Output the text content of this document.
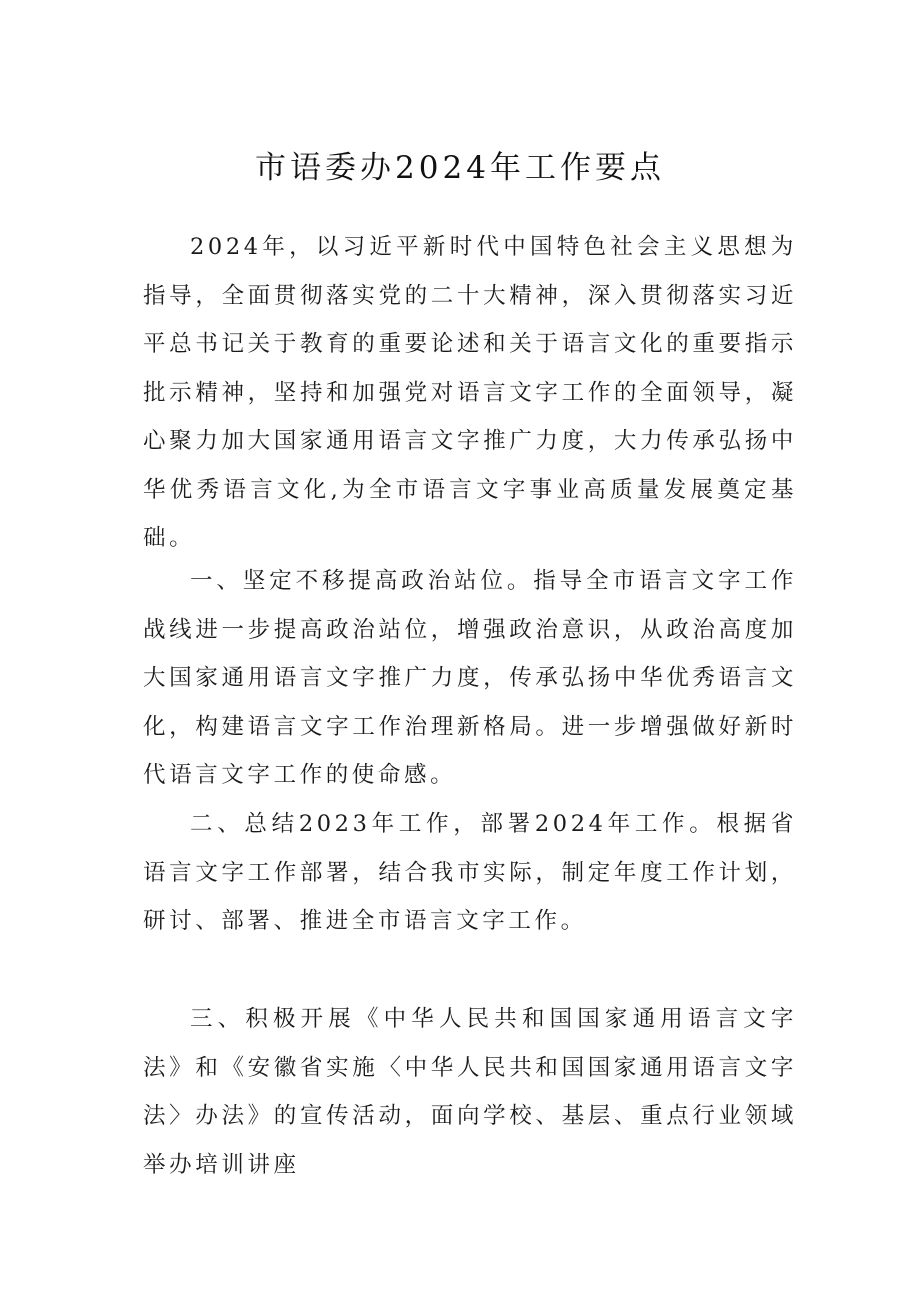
市语委办2024年工作要点

2024年，以习近平新时代中国特色社会主义思想为指导，全面贯彻落实党的二十大精神，深入贯彻落实习近平总书记关于教育的重要论述和关于语言文化的重要指示批示精神，坚持和加强党对语言文字工作的全面领导，凝心聚力加大国家通用语言文字推广力度，大力传承弘扬中华优秀语言文化,为全市语言文字事业高质量发展奠定基础。

一、坚定不移提高政治站位。指导全市语言文字工作战线进一步提高政治站位，增强政治意识，从政治高度加大国家通用语言文字推广力度，传承弘扬中华优秀语言文化，构建语言文字工作治理新格局。进一步增强做好新时代语言文字工作的使命感。

二、总结2023年工作，部署2024年工作。根据省语言文字工作部署，结合我市实际，制定年度工作计划，研讨、部署、推进全市语言文字工作。

三、积极开展《中华人民共和国国家通用语言文字法》和《安徽省实施〈中华人民共和国国家通用语言文字法〉办法》的宣传活动，面向学校、基层、重点行业领域举办培训讲座
